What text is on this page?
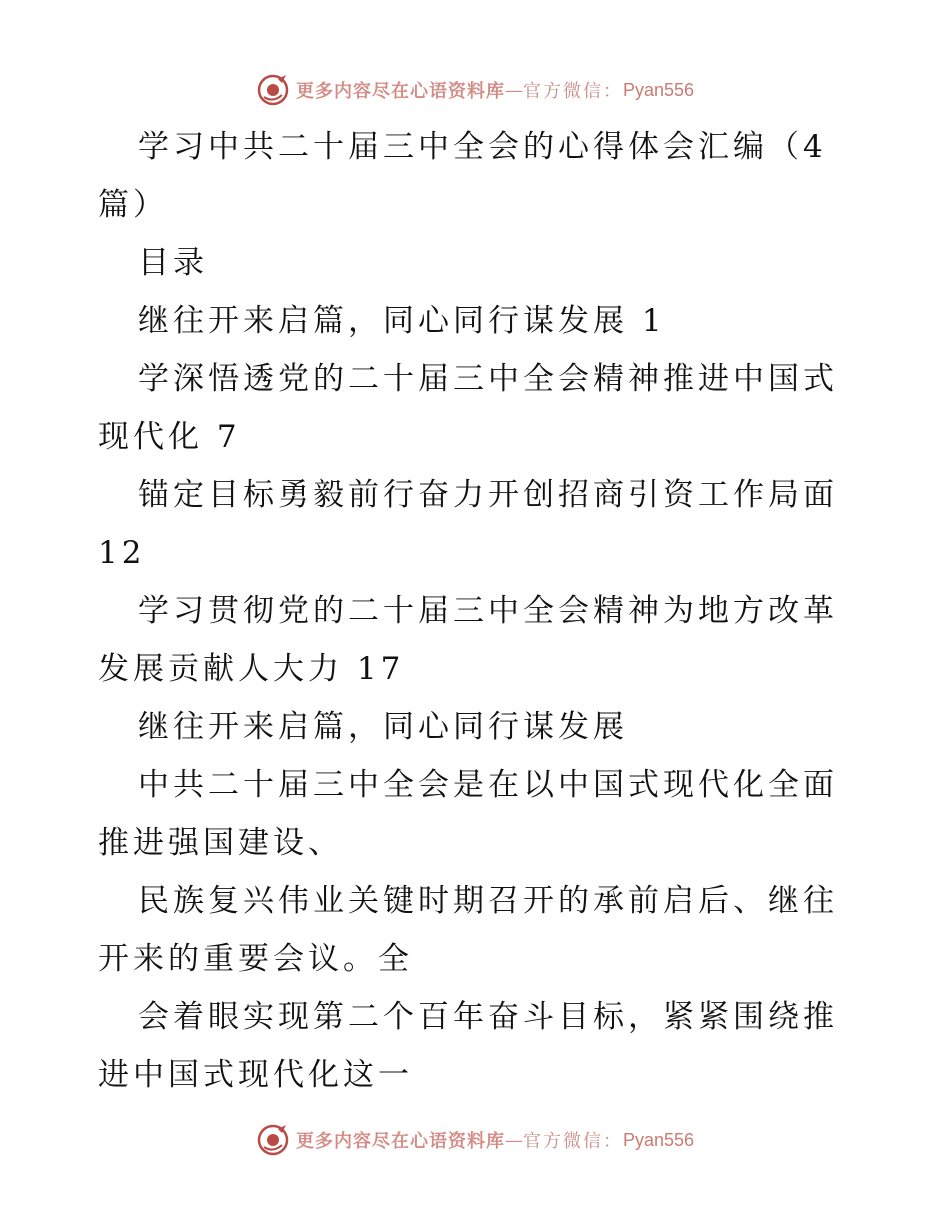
更多内容尽在心语资料库 — 官方微信： Pyan556

学习中共二十届三中全会的心得体会汇编（4篇）

目录

继往开来启篇，同心同行谋发展 1

学深悟透党的二十届三中全会精神推进中国式现代化 7

锚定目标勇毅前行奋力开创招商引资工作局面12

学习贯彻党的二十届三中全会精神为地方改革发展贡献人大力 17

继往开来启篇，同心同行谋发展

中共二十届三中全会是在以中国式现代化全面推进强国建设、

民族复兴伟业关键时期召开的承前启后、继往开来的重要会议。全

会着眼实现第二个百年奋斗目标，紧紧围绕推进中国式现代化这一

更多内容尽在心语资料库 — 官方微信： Pyan556
